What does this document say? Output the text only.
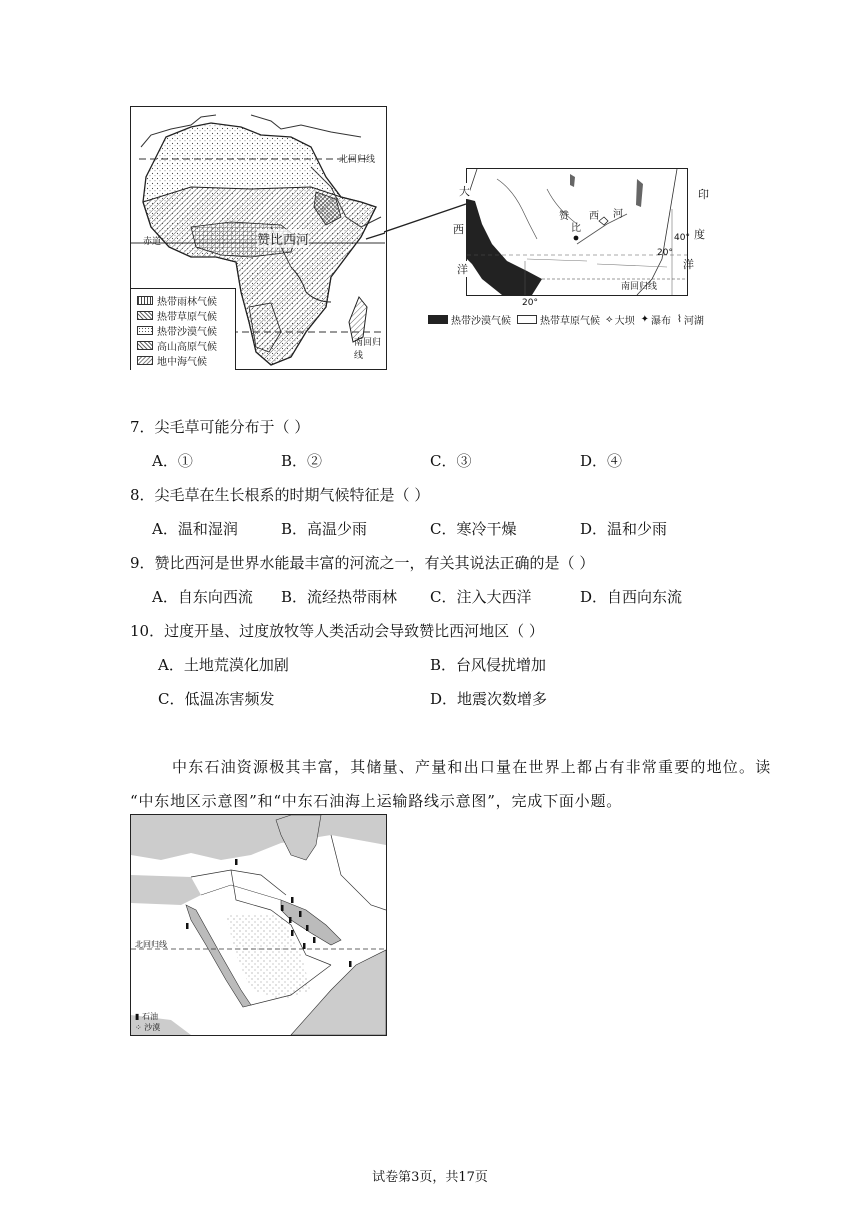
北回归线
赤道
南回归线
赞比西河
热带雨林气候
热带草原气候
热带沙漠气候
高山高原气候
地中海气候
大
西
洋
赞
比
西 河
40°
20°
20°
南回归线
印
度
洋
热带沙漠气候	热带草原气候 ⟡ 大坝 ✦ 瀑布 ⌇ 河湖
7．尖毛草可能分布于（ ）
A．①	B．②	C．③	D．④
8．尖毛草在生长根系的时期气候特征是（ ）
A．温和湿润	B．高温少雨	C．寒冷干燥	D．温和少雨
9．赞比西河是世界水能最丰富的河流之一，有关其说法正确的是（ ）
A．自东向西流 B．流经热带雨林 C．注入大西洋	D．自西向东流
10．过度开垦、过度放牧等人类活动会导致赞比西河地区（ ）
A．土地荒漠化加剧	B．台风侵扰增加
C．低温冻害频发	D．地震次数增多
中东石油资源极其丰富，其储量、产量和出口量在世界上都占有非常重要的地位。读
“中东地区示意图”和“中东石油海上运输路线示意图”，完成下面小题。
北回归线
▮ 石油
⁘ 沙漠
试卷第3页，共17页
